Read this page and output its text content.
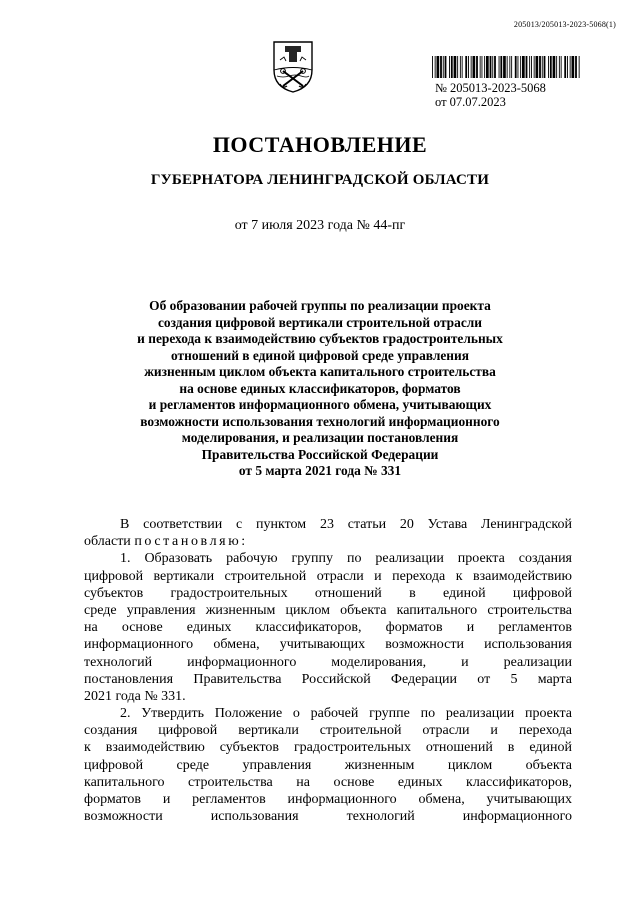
205013/205013-2023-5068(1)
№ 205013-2023-5068
от 07.07.2023
ПОСТАНОВЛЕНИЕ
ГУБЕРНАТОРА ЛЕНИНГРАДСКОЙ ОБЛАСТИ
от 7 июля 2023 года № 44-пг
Об образовании рабочей группы по реализации проекта
создания цифровой вертикали строительной отрасли
и перехода к взаимодействию субъектов градостроительных
отношений в единой цифровой среде управления
жизненным циклом объекта капитального строительства
на основе единых классификаторов, форматов
и регламентов информационного обмена, учитывающих
возможности использования технологий информационного
моделирования, и реализации постановления
Правительства Российской Федерации
от 5 марта 2021 года № 331
В соответствии с пунктом 23 статьи 20 Устава Ленинградской
области постановляю:
1. Образовать рабочую группу по реализации проекта создания
цифровой вертикали строительной отрасли и перехода к взаимодействию
субъектов градостроительных отношений в единой цифровой
среде управления жизненным циклом объекта капитального строительства
на основе единых классификаторов, форматов и регламентов
информационного обмена, учитывающих возможности использования
технологий информационного моделирования, и реализации
постановления Правительства Российской Федерации от 5 марта
2021 года № 331.
2. Утвердить Положение о рабочей группе по реализации проекта
создания цифровой вертикали строительной отрасли и перехода
к взаимодействию субъектов градостроительных отношений в единой
цифровой среде управления жизненным циклом объекта
капитального строительства на основе единых классификаторов,
форматов и регламентов информационного обмена, учитывающих
возможности использования технологий информационного
